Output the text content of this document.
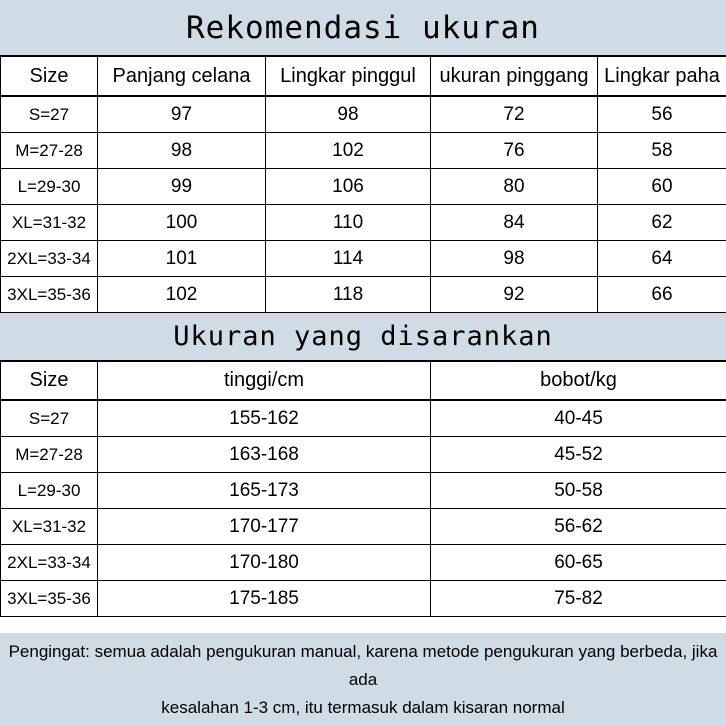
Rekomendasi ukuran
Size	Panjang celana	Lingkar pinggul	ukuran pinggang	Lingkar paha
S=27	97	98	72	56
M=27-28	98	102	76	58
L=29-30	99	106	80	60
XL=31-32	100	110	84	62
2XL=33-34	101	114	98	64
3XL=35-36	102	118	92	66
Ukuran yang disarankan
Size	tinggi/cm	bobot/kg
S=27	155-162	40-45
M=27-28	163-168	45-52
L=29-30	165-173	50-58
XL=31-32	170-177	56-62
2XL=33-34	170-180	60-65
3XL=35-36	175-185	75-82
Pengingat: semua adalah pengukuran manual, karena metode pengukuran yang berbeda, jika ada
kesalahan 1-3 cm, itu termasuk dalam kisaran normal
